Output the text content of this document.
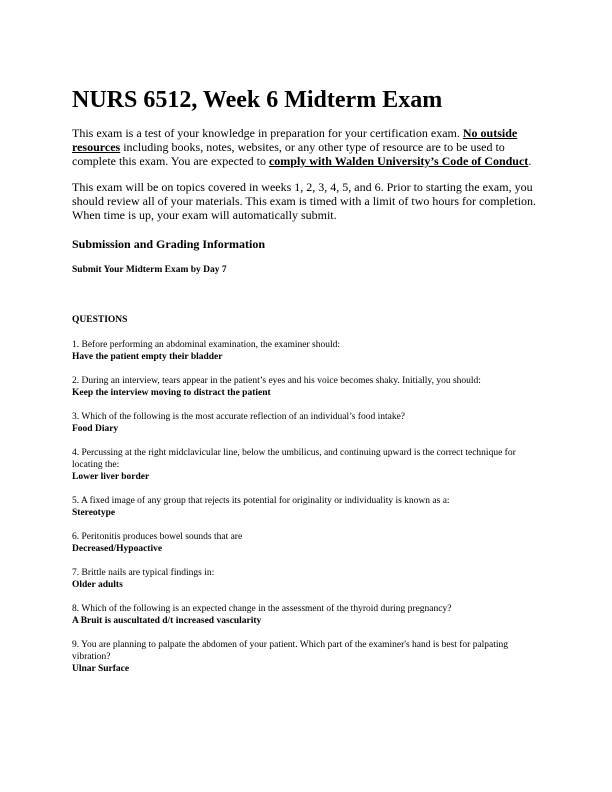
NURS 6512, Week 6 Midterm Exam

This exam is a test of your knowledge in preparation for your certification exam. No outside resources including books, notes, websites, or any other type of resource are to be used to complete this exam. You are expected to comply with Walden University’s Code of Conduct.

This exam will be on topics covered in weeks 1, 2, 3, 4, 5, and 6. Prior to starting the exam, you should review all of your materials. This exam is timed with a limit of two hours for completion. When time is up, your exam will automatically submit.

Submission and Grading Information

Submit Your Midterm Exam by Day 7

QUESTIONS

1. Before performing an abdominal examination, the examiner should:

Have the patient empty their bladder

2. During an interview, tears appear in the patient’s eyes and his voice becomes shaky. Initially, you should:

Keep the interview moving to distract the patient

3. Which of the following is the most accurate reflection of an individual’s food intake?

Food Diary

4. Percussing at the right midclavicular line, below the umbilicus, and continuing upward is the correct technique for locating the:

Lower liver border

5. A fixed image of any group that rejects its potential for originality or individuality is known as a:

Stereotype

6. Peritonitis produces bowel sounds that are

Decreased/Hypoactive

7. Brittle nails are typical findings in:

Older adults

8. Which of the following is an expected change in the assessment of the thyroid during pregnancy?

A Bruit is auscultated d/t increased vascularity

9. You are planning to palpate the abdomen of your patient. Which part of the examiner's hand is best for palpating vibration?

Ulnar Surface
